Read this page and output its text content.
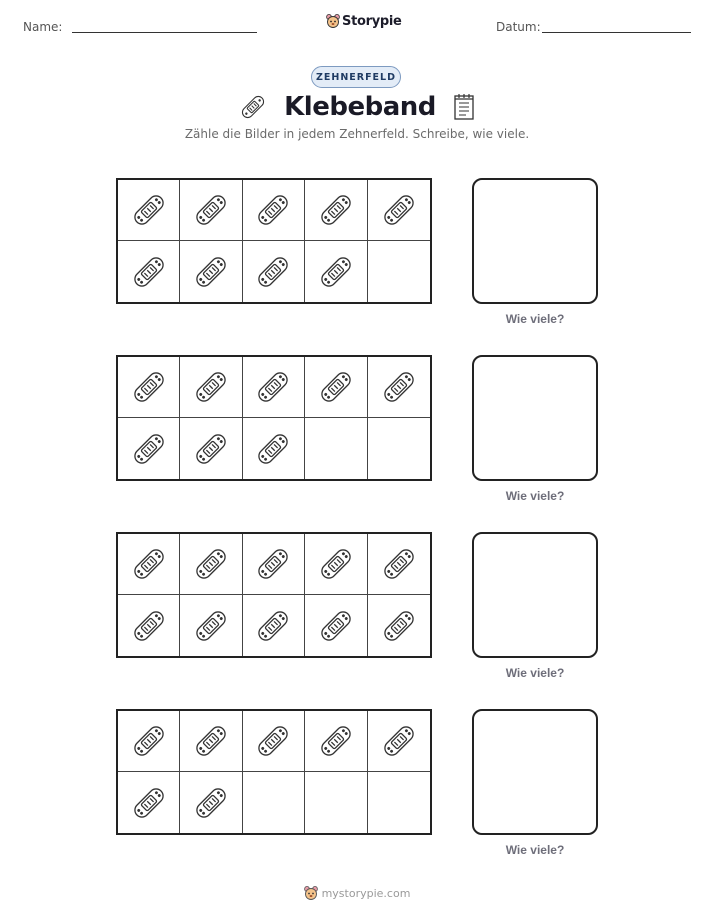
Name:	Storypie	Datum:
ZEHNERFELD
Klebeband
Zähle die Bilder in jedem Zehnerfeld. Schreibe, wie viele.
Wie viele?
Wie viele?
Wie viele?
Wie viele?
mystorypie.com
